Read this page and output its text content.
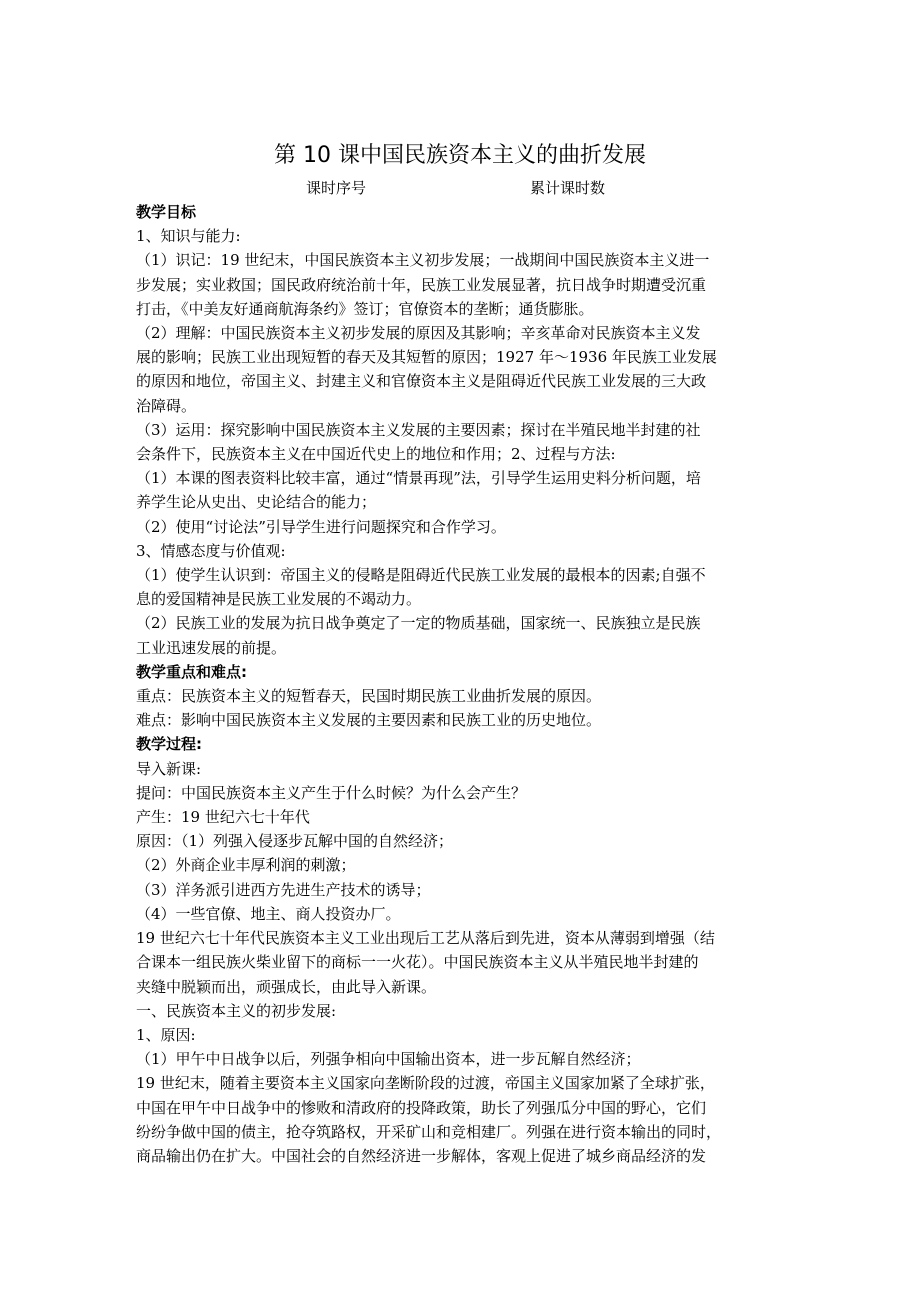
第 10 课中国民族资本主义的曲折发展
课时序号	累计课时数

教学目标

1、知识与能力:

（1）识记：19 世纪末，中国民族资本主义初步发展；一战期间中国民族资本主义进一

步发展；实业救国；国民政府统治前十年，民族工业发展显著，抗日战争时期遭受沉重

打击，《中美友好通商航海条约》签订；官僚资本的垄断；通货膨胀。

（2）理解：中国民族资本主义初步发展的原因及其影响；辛亥革命对民族资本主义发

展的影响；民族工业出现短暂的春天及其短暂的原因；1927 年～1936 年民族工业发展

的原因和地位，帝国主义、封建主义和官僚资本主义是阻碍近代民族工业发展的三大政

治障碍。

（3）运用：探究影响中国民族资本主义发展的主要因素；探讨在半殖民地半封建的社

会条件下，民族资本主义在中国近代史上的地位和作用；2、过程与方法:

（1）本课的图表资料比较丰富，通过“情景再现”法，引导学生运用史料分析问题，培

养学生论从史出、史论结合的能力；

（2）使用“讨论法”引导学生进行问题探究和合作学习。

3、情感态度与价值观:

（1）使学生认识到：帝国主义的侵略是阻碍近代民族工业发展的最根本的因素;自强不

息的爱国精神是民族工业发展的不竭动力。

（2）民族工业的发展为抗日战争奠定了一定的物质基础，国家统一、民族独立是民族

工业迅速发展的前提。

教学重点和难点:

重点：民族资本主义的短暂春天，民国时期民族工业曲折发展的原因。

难点：影响中国民族资本主义发展的主要因素和民族工业的历史地位。

教学过程:

导入新课:

提问：中国民族资本主义产生于什么时候？为什么会产生？

产生：19 世纪六七十年代

原因：（1）列强入侵逐步瓦解中国的自然经济；

（2）外商企业丰厚利润的刺激；

（3）洋务派引进西方先进生产技术的诱导；

（4）一些官僚、地主、商人投资办厂。

19 世纪六七十年代民族资本主义工业出现后工艺从落后到先进，资本从薄弱到增强（结

合课本一组民族火柴业留下的商标一一火花）。中国民族资本主义从半殖民地半封建的

夹缝中脱颖而出，顽强成长，由此导入新课。

一、民族资本主义的初步发展:

1、原因:

（1）甲午中日战争以后，列强争相向中国输出资本，进一步瓦解自然经济；

19 世纪末，随着主要资本主义国家向垄断阶段的过渡，帝国主义国家加紧了全球扩张，

中国在甲午中日战争中的惨败和清政府的投降政策，助长了列强瓜分中国的野心，它们

纷纷争做中国的债主，抢夺筑路权，开采矿山和竞相建厂。列强在进行资本输出的同时，

商品输出仍在扩大。中国社会的自然经济进一步解体，客观上促进了城乡商品经济的发
